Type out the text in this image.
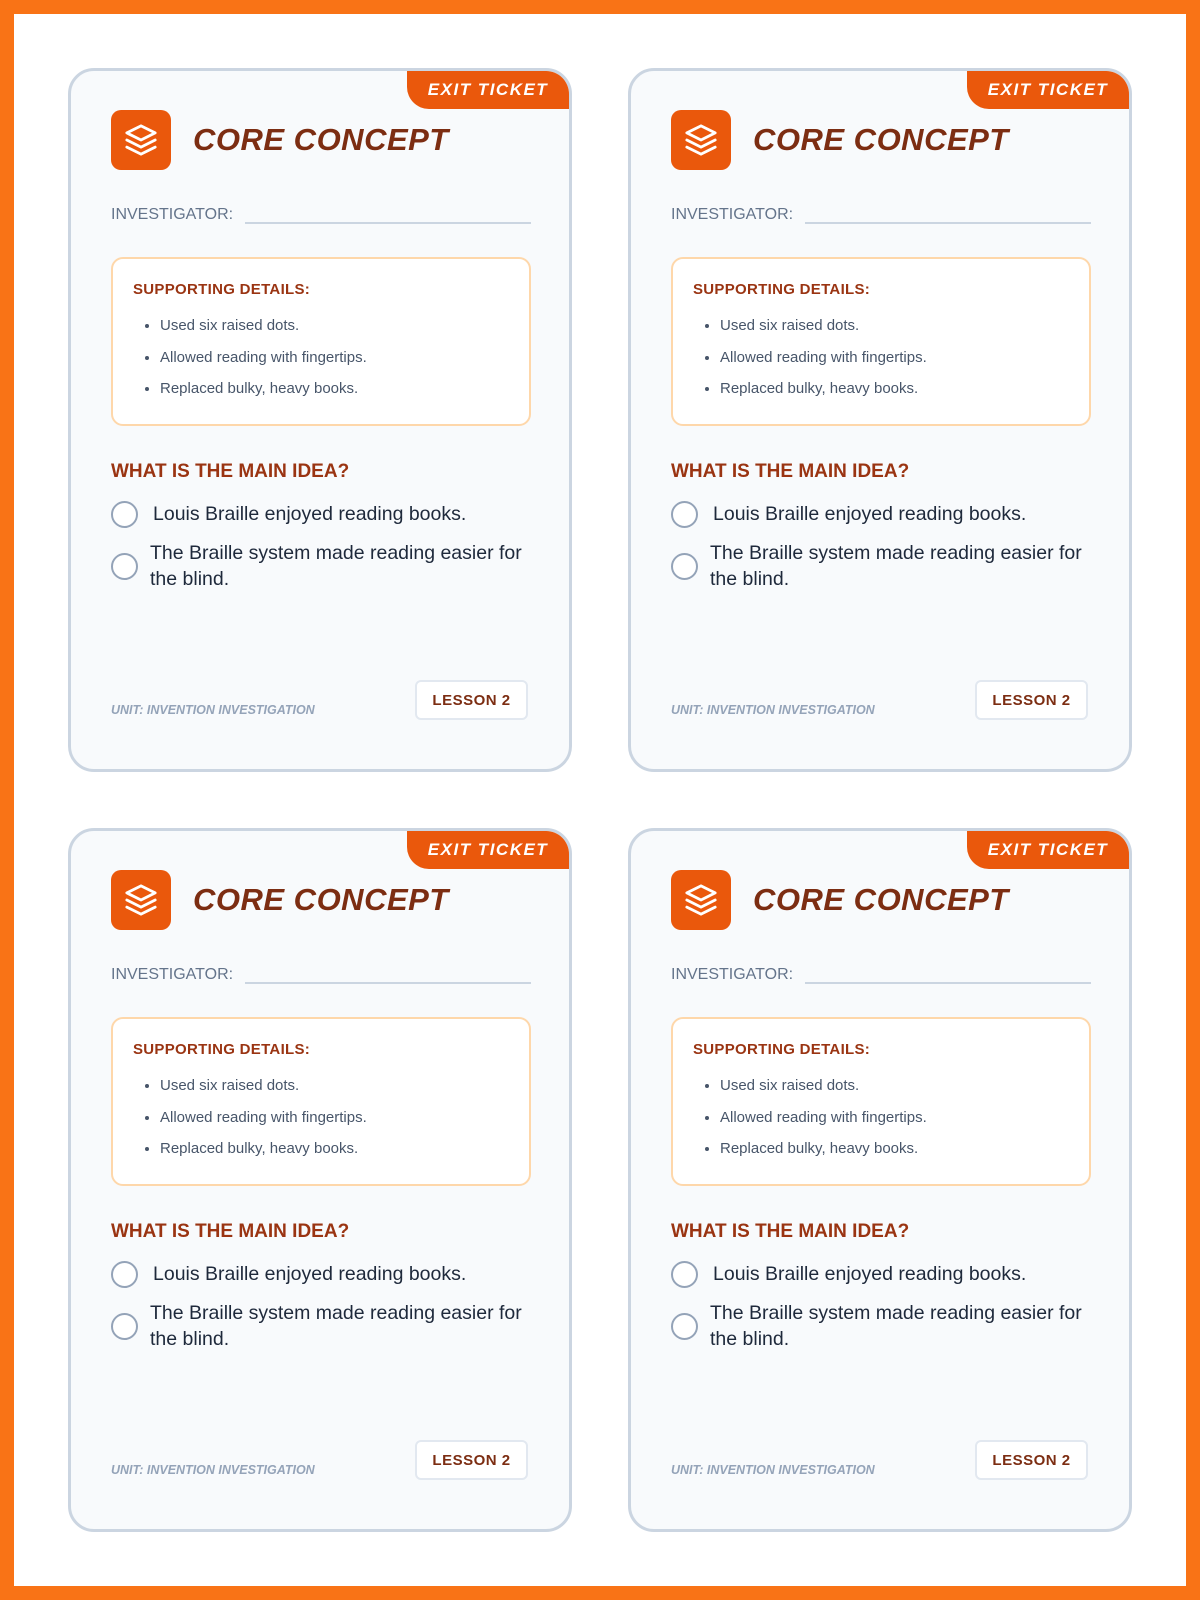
EXIT TICKET
CORE CONCEPT
INVESTIGATOR:
SUPPORTING DETAILS:
• Used six raised dots.
• Allowed reading with fingertips.
• Replaced bulky, heavy books.
WHAT IS THE MAIN IDEA?
Louis Braille enjoyed reading books.
The Braille system made reading easier for the blind.
UNIT: INVENTION INVESTIGATION
LESSON 2
EXIT TICKET
CORE CONCEPT
INVESTIGATOR:
SUPPORTING DETAILS:
• Used six raised dots.
• Allowed reading with fingertips.
• Replaced bulky, heavy books.
WHAT IS THE MAIN IDEA?
Louis Braille enjoyed reading books.
The Braille system made reading easier for the blind.
UNIT: INVENTION INVESTIGATION
LESSON 2
EXIT TICKET
CORE CONCEPT
INVESTIGATOR:
SUPPORTING DETAILS:
• Used six raised dots.
• Allowed reading with fingertips.
• Replaced bulky, heavy books.
WHAT IS THE MAIN IDEA?
Louis Braille enjoyed reading books.
The Braille system made reading easier for the blind.
UNIT: INVENTION INVESTIGATION
LESSON 2
EXIT TICKET
CORE CONCEPT
INVESTIGATOR:
SUPPORTING DETAILS:
• Used six raised dots.
• Allowed reading with fingertips.
• Replaced bulky, heavy books.
WHAT IS THE MAIN IDEA?
Louis Braille enjoyed reading books.
The Braille system made reading easier for the blind.
UNIT: INVENTION INVESTIGATION
LESSON 2
